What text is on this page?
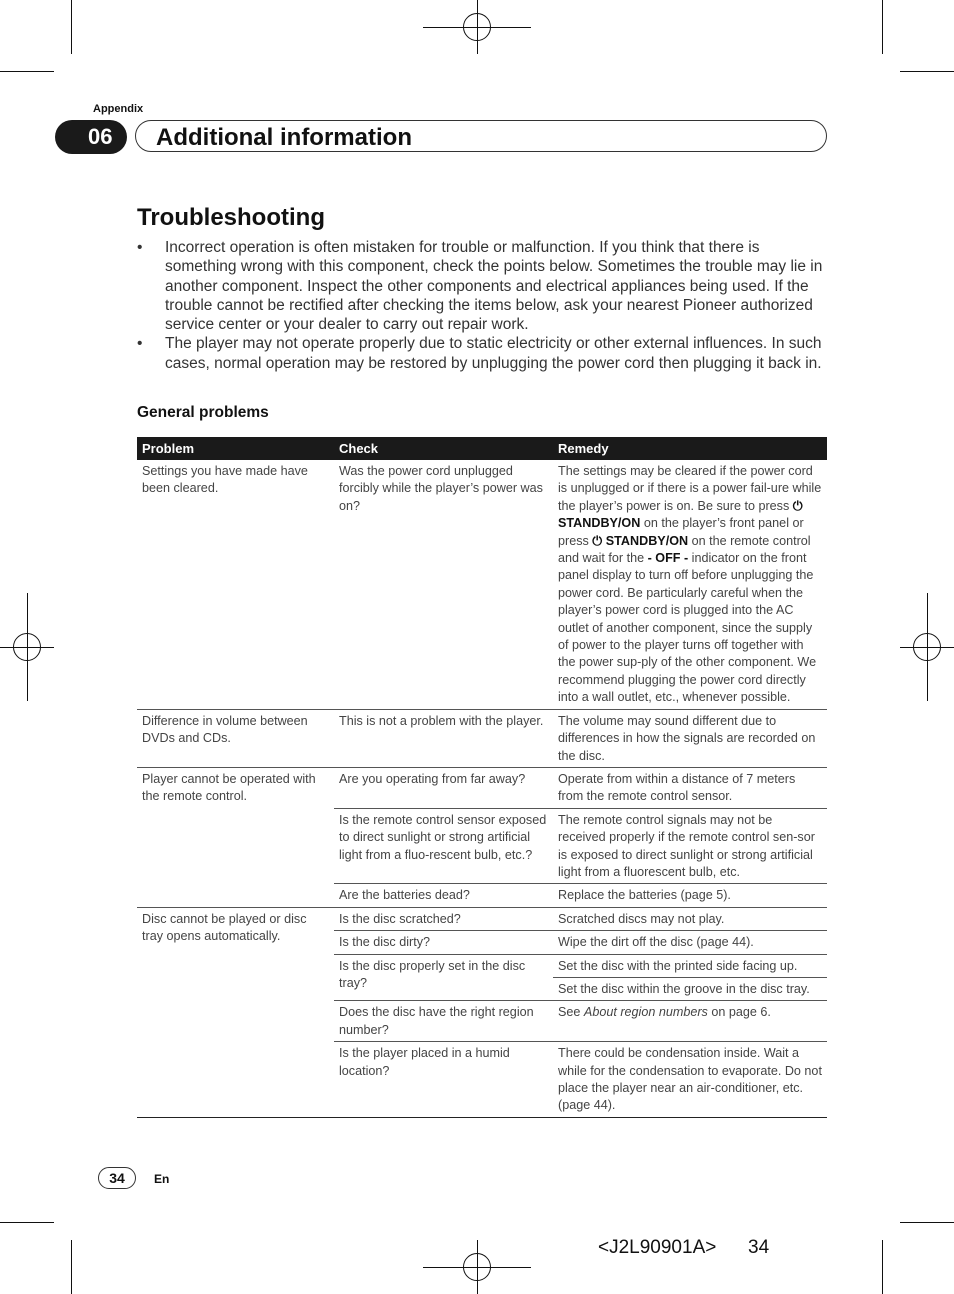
Appendix
Additional information
06
Troubleshooting
• Incorrect operation is often mistaken for trouble or malfunction. If you think that there is something wrong with this component, check the points below. Sometimes the trouble may lie in another component. Inspect the other components and electrical appliances being used. If the trouble cannot be rectified after checking the items below, ask your nearest Pioneer authorized service center or your dealer to carry out repair work.
• The player may not operate properly due to static electricity or other external influences. In such cases, normal operation may be restored by unplugging the power cord then plugging it back in.
General problems
Problem	Check	Remedy
Settings you have made have been cleared.	Was the power cord unplugged forcibly while the player’s power was on?	The settings may be cleared if the power cord is unplugged or if there is a power fail-ure while the player’s power is on. Be sure to press ⏻ STANDBY/ON on the player’s front panel or press ⏻ STANDBY/ON on the remote control and wait for the - OFF - indicator on the front panel display to turn off before unplugging the power cord. Be particularly careful when the player’s power cord is plugged into the AC outlet of another component, since the supply of power to the player turns off together with the power sup-ply of the other component. We recommend plugging the power cord directly into a wall outlet, etc., whenever possible.
Difference in volume between DVDs and CDs.	This is not a problem with the player.	The volume may sound different due to differences in how the signals are recorded on the disc.
Player cannot be operated with the remote control.	Are you operating from far away?	Operate from within a distance of 7 meters from the remote control sensor.
	Is the remote control sensor exposed to direct sunlight or strong artificial light from a fluo-rescent bulb, etc.?	The remote control signals may not be received properly if the remote control sen-sor is exposed to direct sunlight or strong artificial light from a fluorescent bulb, etc.
	Are the batteries dead?	Replace the batteries (page 5).
Disc cannot be played or disc tray opens automatically.	Is the disc scratched?	Scratched discs may not play.
	Is the disc dirty?	Wipe the dirt off the disc (page 44).
	Is the disc properly set in the disc tray?	Set the disc with the printed side facing up.
		Set the disc within the groove in the disc tray.
	Does the disc have the right region number?	See About region numbers on page 6.
	Is the player placed in a humid location?	There could be condensation inside. Wait a while for the condensation to evaporate. Do not place the player near an air-conditioner, etc. (page 44).
34	En
<J2L90901A> 34
